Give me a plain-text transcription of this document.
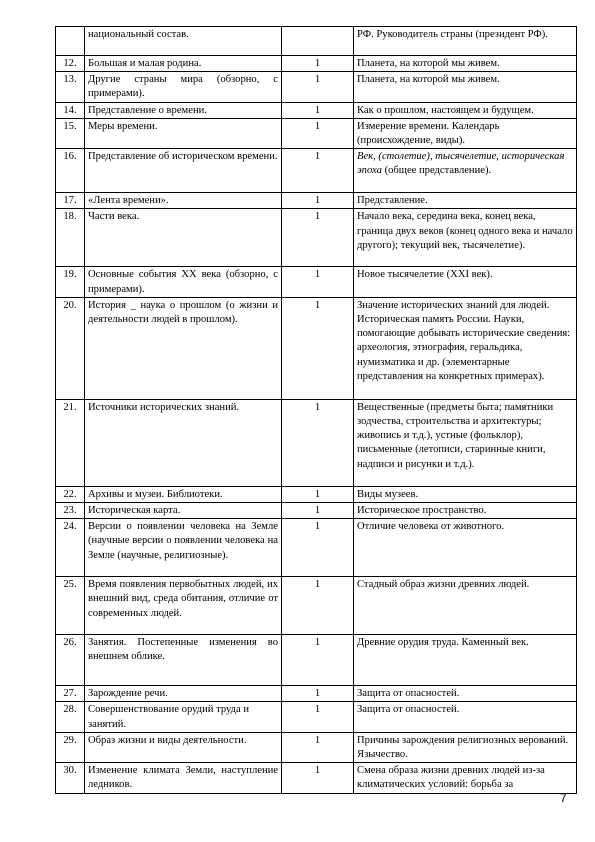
	национальный состав.		РФ. Руководитель страны (президент РФ).
12.	Большая и малая родина.	1	Планета, на которой мы живем.
13.	Другие страны мира (обзорно, с примерами).	1	Планета, на которой мы живем.
14.	Представление о времени.	1	Как о прошлом, настоящем и будущем.
15.	Меры времени.	1	Измерение времени. Календарь (происхождение, виды).
16.	Представление об историческом времени.	1	Век, (столетие), тысячелетие, историческая эпоха (общее представление).
17.	«Лента времени».	1	Представление.
18.	Части века.	1	Начало века, середина века, конец века, граница двух веков (конец одного века и начало другого); текущий век, тысячелетие).
19.	Основные события XX века (обзорно, с примерами).	1	Новое тысячелетие (XXI век).
20.	История _ наука о прошлом (о жизни и деятельности людей в прошлом).	1	Значение исторических знаний для людей. Историческая память России. Науки, помогающие добывать исторические сведения: археология, этнография, геральдика, нумизматика и др. (элементарные представления на конкретных примерах).
21.	Источники исторических знаний.	1	Вещественные (предметы быта; памятники зодчества, строительства и архитектуры; живопись и т.д.), устные (фольклор), письменные (летописи, старинные книги, надписи и рисунки и т.д.).
22.	Архивы и музеи. Библиотеки.	1	Виды музеев.
23.	Историческая карта.	1	Историческое пространство.
24.	Версии о появлении человека на Земле (научные версии о появлении человека на Земле (научные, религиозные).	1	Отличие человека от животного.
25.	Время появления первобытных людей, их внешний вид, среда обитания, отличие от современных людей.	1	Стадный образ жизни древних людей.
26.	Занятия. Постепенные изменения во внешнем облике.	1	Древние орудия труда. Каменный век.
27.	Зарождение речи.	1	Защита от опасностей.
28.	Совершенствование орудий труда и занятий.	1	Защита от опасностей.
29.	Образ жизни и виды деятельности.	1	Причины зарождения религиозных верований. Язычество.
30.	Изменение климата Земли, наступление ледников.	1	Смена образа жизни древних людей из-за климатических условий: борьба за
7
